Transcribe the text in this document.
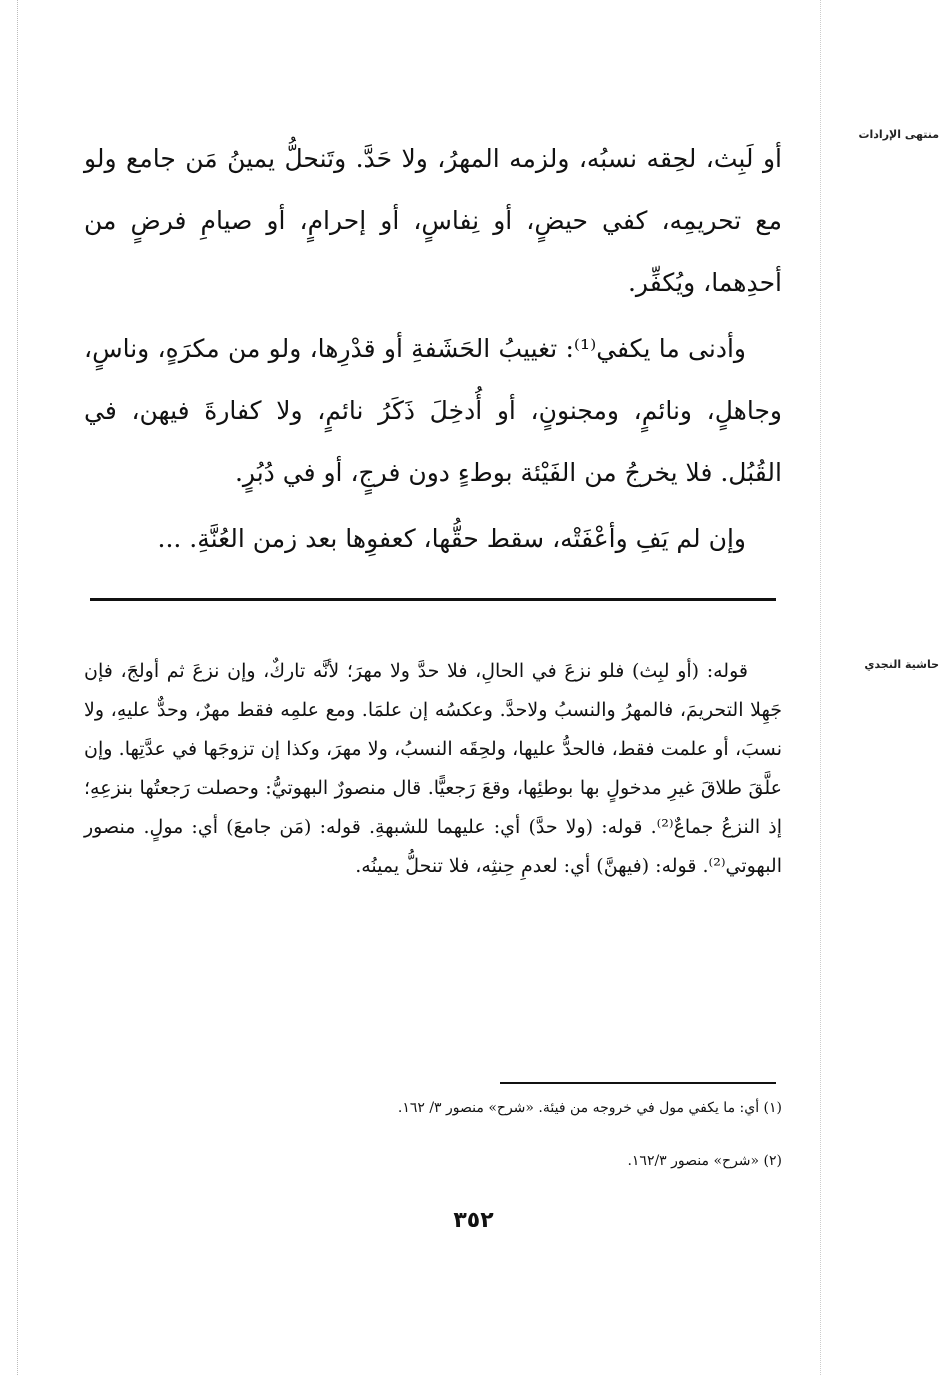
منتهى الإرادات

أو لَبِث، لحِقه نسبُه، ولزمه المهرُ، ولا حَدَّ. وتَنحلُّ يمينُ مَن جامع ولو مع تحريمِه، كفي حيضٍ، أو نِفاسٍ، أو إحرامٍ، أو صيامِ فرضٍ من أحدِهما، ويُكفِّر.

وأدنى ما يكفي⁽¹⁾: تغييبُ الحَشَفةِ أو قدْرِها، ولو من مكرَهٍ، وناسٍ، وجاهلٍ، ونائمٍ، ومجنونٍ، أو أُدخِلَ ذَكَرُ نائمٍ، ولا كفارةَ فيهن، في القُبُل. فلا يخرجُ من الفَيْئة بوطءٍ دون فرجٍ، أو في دُبُرٍ.

وإن لم يَفِ وأعْفَتْه، سقط حقُّها، كعفوِها بعد زمن العُنَّةِ. ...

حاشية النجدي

قوله: (أو لبِث) فلو نزعَ في الحالِ، فلا حدَّ ولا مهرَ؛ لأنَّه تاركٌ، وإن نزعَ ثم أولجَ، فإن جَهِلا التحريمَ، فالمهرُ والنسبُ ولاحدَّ. وعكسُه إن علمَا. ومع علمِه فقط مهرٌ، وحدٌّ عليهِ، ولا نسبَ، أو علمت فقط، فالحدُّ عليها، ولحِقَه النسبُ، ولا مهرَ، وكذا إن تزوجَها في عدَّتِها. وإن علَّقَ طلاقَ غيرِ مدخولٍ بها بوطئِها، وقعَ رَجعيًّا. قال منصورٌ البهوتيُّ: وحصلت رَجعتُها بنزعِهِ؛ إذ النزعُ جماعٌ⁽²⁾. قوله: (ولا حدَّ) أي: عليهما للشبهةِ. قوله: (مَن جامعَ) أي: مولٍ. منصور البهوتي⁽²⁾. قوله: (فيهنَّ) أي: لعدمِ حِنثِه، فلا تنحلُّ يمينُه.

(١) أي: ما يكفي مول في خروجه من فيئة. «شرح» منصور ٣/ ١٦٢.
(٢) «شرح» منصور ١٦٢/٣.
٣٥٢
